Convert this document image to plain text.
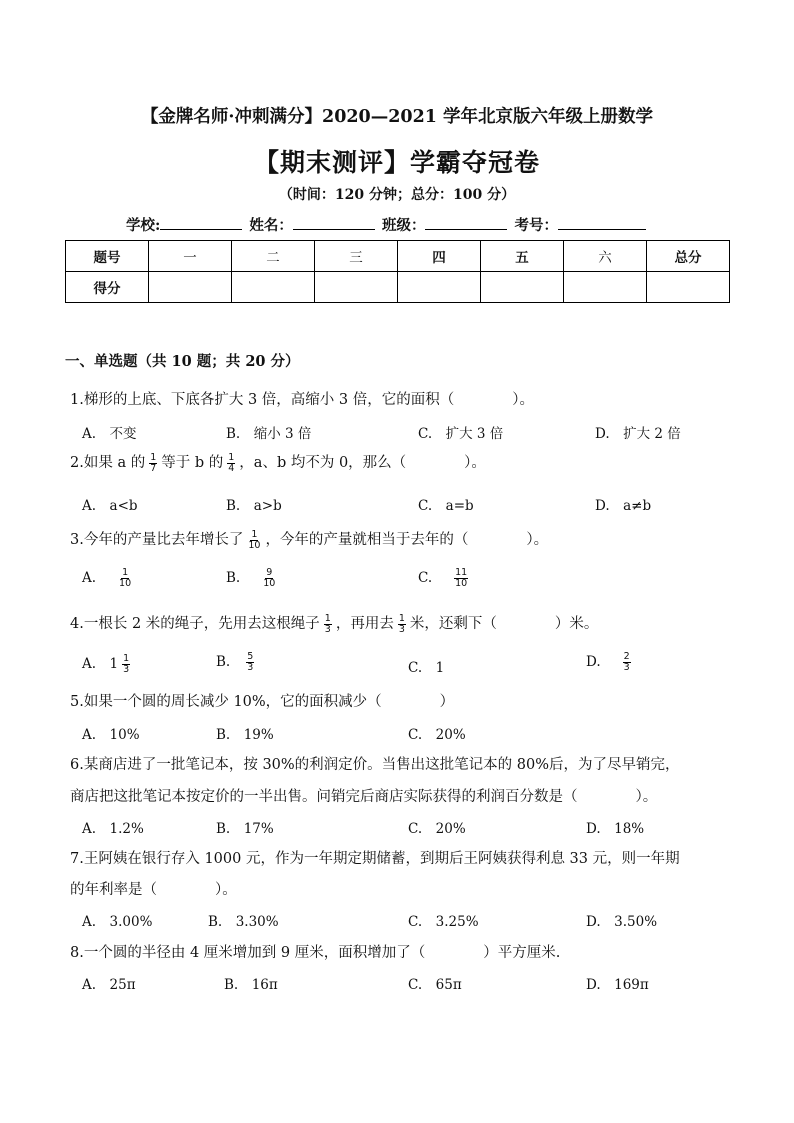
【金牌名师·冲刺满分】2020—2021 学年北京版六年级上册数学
【期末测评】学霸夺冠卷
（时间：120 分钟；总分：100 分）
学校:	姓名：	班级：	考号：
题号	一	二	三	四	五	六	总分
得分							
一、单选题（共 10 题；共 20 分）
1.梯形的上底、下底各扩大 3 倍，高缩小 3 倍，它的面积（　　　　）。
A.　不变	B.　缩小 3 倍	C.　扩大 3 倍	D.　扩大 2 倍
2.如果 a 的 $\frac{1}{7}$ 等于 b 的 $\frac{1}{4}$ ，a、b 均不为 0，那么（　　　　）。
A.　a<b	B.　a>b	C.　a=b	D.　a≠b
3.今年的产量比去年增长了 $\frac{1}{10}$ ，今年的产量就相当于去年的（　　　　）。
A. $\frac{1}{10}$	B. $\frac{9}{10}$	C. $\frac{11}{10}$
4.一根长 2 米的绳子，先用去这根绳子 $\frac{1}{3}$ ，再用去 $\frac{1}{3}$ 米，还剩下（　　　　）米。
A.　$1 \frac{1}{3}$	B. $\frac{5}{3}$	C.　1	D. $\frac{2}{3}$
5.如果一个圆的周长减少 10%，它的面积减少（　　　　）
A.　10%	B.　19%	C.　20%
6.某商店进了一批笔记本，按 30%的利润定价。当售出这批笔记本的 80%后，为了尽早销完，
商店把这批笔记本按定价的一半出售。问销完后商店实际获得的利润百分数是（　　　　）。
A.　1.2%	B.　17%	C.　20%	D.　18%
7.王阿姨在银行存入 1000 元，作为一年期定期储蓄，到期后王阿姨获得利息 33 元，则一年期
的年利率是（　　　　）。
A.　3.00%	B.　3.30%	C.　3.25%	D.　3.50%
8.一个圆的半径由 4 厘米增加到 9 厘米，面积增加了（　　　　）平方厘米.
A.　25π	B.　16π	C.　65π	D.　169π
